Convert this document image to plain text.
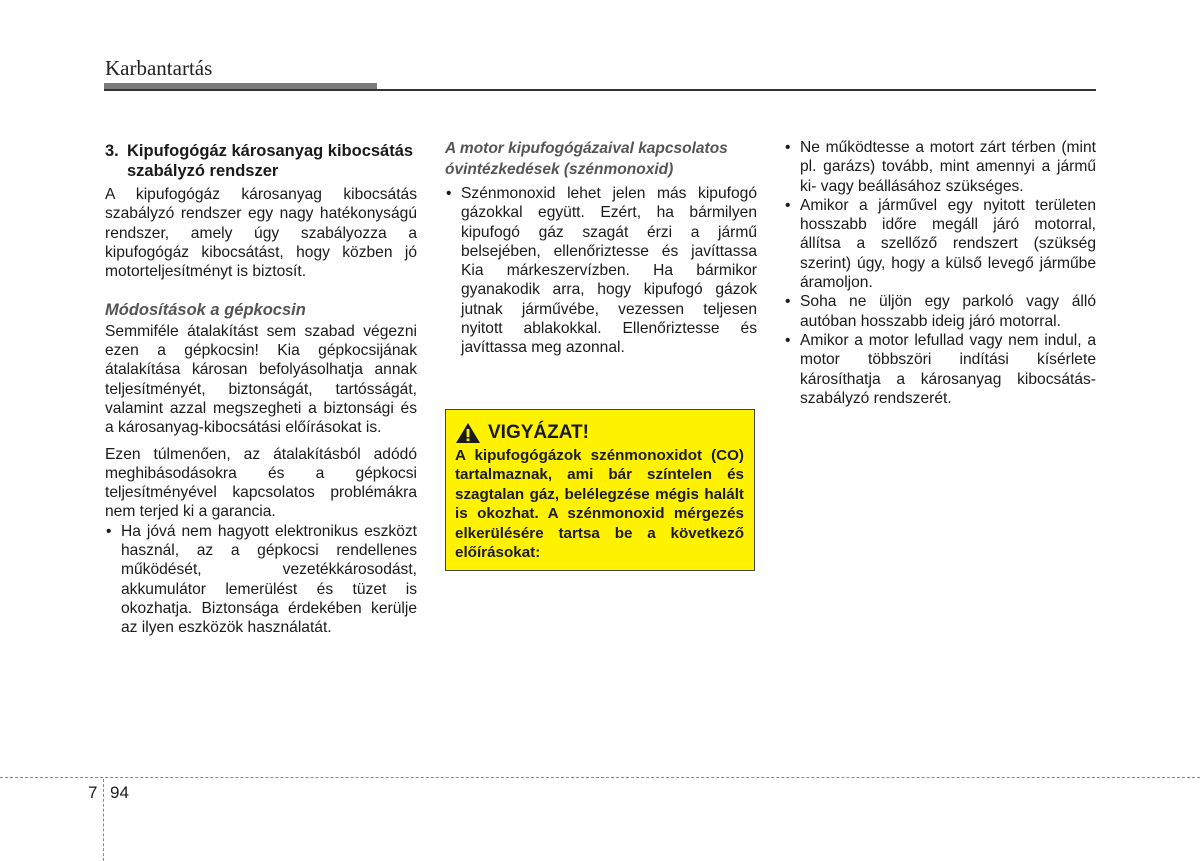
Karbantartás
3. Kipufogógáz károsanyag kibocsátás szabályzó rendszer

A kipufogógáz károsanyag kibocsátás szabályzó rendszer egy nagy hatékonyságú rendszer, amely úgy szabályozza a kipufogógáz kibocsátást, hogy közben jó motorteljesítményt is biztosít.

Módosítások a gépkocsin

Semmiféle átalakítást sem szabad végezni ezen a gépkocsin! Kia gépkocsijának átalakítása károsan befolyásolhatja annak teljesítményét, biztonságát, tartósságát, valamint azzal megszegheti a biztonsági és a károsanyag-kibocsátási előírásokat is.

Ezen túlmenően, az átalakításból adódó meghibásodásokra és a gépkocsi teljesítményével kapcsolatos problémákra nem terjed ki a garancia.

• Ha jóvá nem hagyott elektronikus eszközt használ, az a gépkocsi rendellenes működését, vezetékkárosodást, akkumulátor lemerülést és tüzet is okozhatja. Biztonsága érdekében kerülje az ilyen eszközök használatát.
A motor kipufogógázaival kapcsolatos óvintézkedések (szénmonoxid)
• Szénmonoxid lehet jelen más kipufogó gázokkal együtt. Ezért, ha bármilyen kipufogó gáz szagát érzi a jármű belsejében, ellenőriztesse és javíttassa Kia márkeszervízben. Ha bármikor gyanakodik arra, hogy kipufogó gázok jutnak járművébe, vezessen teljesen nyitott ablakokkal. Ellenőriztesse és javíttassa meg azonnal.
VIGYÁZAT!
A kipufogógázok szénmonoxidot (CO) tartalmaznak, ami bár színtelen és szagtalan gáz, belélegzése mégis halált is okozhat. A szénmonoxid mérgezés elkerülésére tartsa be a következő előírásokat:
• Ne működtesse a motort zárt térben (mint pl. garázs) tovább, mint amennyi a jármű ki- vagy beállásához szükséges.
• Amikor a járművel egy nyitott területen hosszabb időre megáll járó motorral, állítsa a szellőző rendszert (szükség szerint) úgy, hogy a külső levegő járműbe áramoljon.
• Soha ne üljön egy parkoló vagy álló autóban hosszabb ideig járó motorral.
• Amikor a motor lefullad vagy nem indul, a motor többszöri indítási kísérlete károsíthatja a károsanyag kibocsátás-szabályzó rendszerét.
7 94
